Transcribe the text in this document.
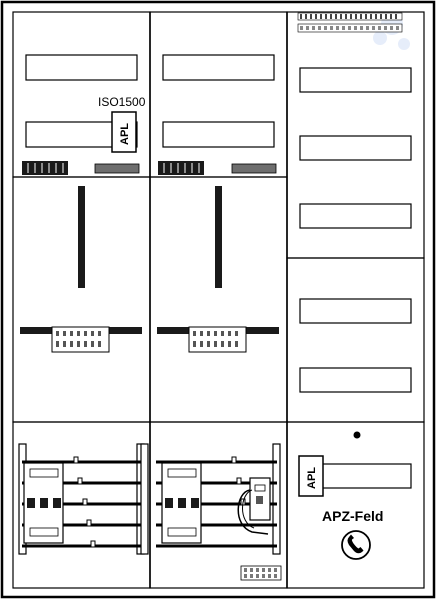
ISO1500
APL
APL
APZ-Feld
